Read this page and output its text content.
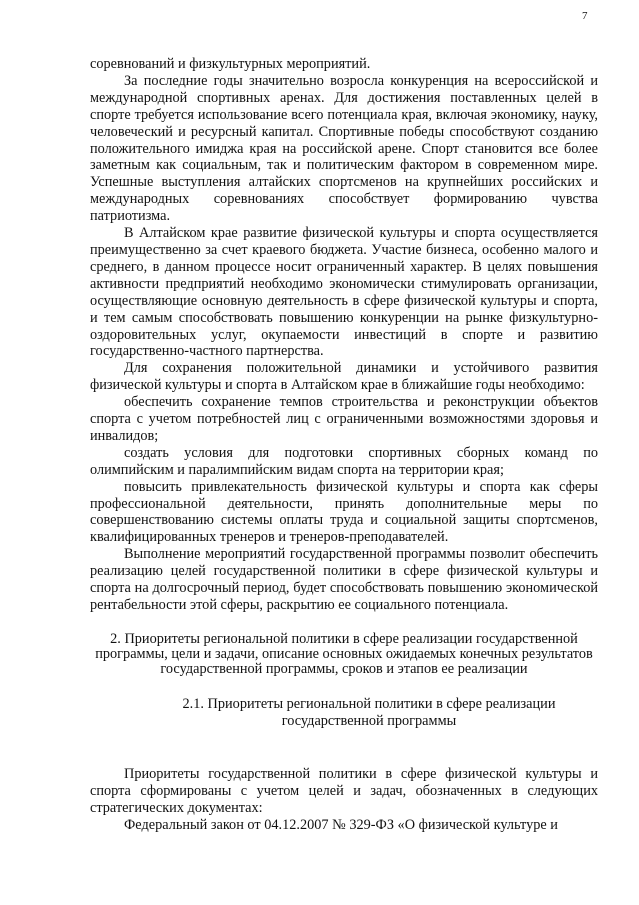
7

соревнований и физкультурных мероприятий.

За последние годы значительно возросла конкуренция на всероссийской и международной спортивных аренах. Для достижения поставленных целей в спорте требуется использование всего потенциала края, включая экономику, науку, человеческий и ресурсный капитал. Спортивные победы способствуют созданию положительного имиджа края на российской арене. Спорт становится все более заметным как социальным, так и политическим фактором в современном мире. Успешные выступления алтайских спортсменов на крупнейших российских и международных соревнованиях способствует формированию чувства патриотизма.

В Алтайском крае развитие физической культуры и спорта осуществляется преимущественно за счет краевого бюджета. Участие бизнеса, особенно малого и среднего, в данном процессе носит ограниченный характер. В целях повышения активности предприятий необходимо экономически стимулировать организации, осуществляющие основную деятельность в сфере физической культуры и спорта, и тем самым способствовать повышению конкуренции на рынке физкультурно-оздоровительных услуг, окупаемости инвестиций в спорте и развитию государственно-частного партнерства.

Для сохранения положительной динамики и устойчивого развития физической культуры и спорта в Алтайском крае в ближайшие годы необходимо:

обеспечить сохранение темпов строительства и реконструкции объектов спорта с учетом потребностей лиц с ограниченными возможностями здоровья и инвалидов;

создать условия для подготовки спортивных сборных команд по олимпийским и паралимпийским видам спорта на территории края;

повысить привлекательность физической культуры и спорта как сферы профессиональной деятельности, принять дополнительные меры по совершенствованию системы оплаты труда и социальной защиты спортсменов, квалифицированных тренеров и тренеров-преподавателей.

Выполнение мероприятий государственной программы позволит обеспечить реализацию целей государственной политики в сфере физической культуры и спорта на долгосрочный период, будет способствовать повышению экономической рентабельности этой сферы, раскрытию ее социального потенциала.

2. Приоритеты региональной политики в сфере реализации государственной программы, цели и задачи, описание основных ожидаемых конечных результатов государственной программы, сроков и этапов ее реализации

2.1. Приоритеты региональной политики в сфере реализации государственной программы

Приоритеты государственной политики в сфере физической культуры и спорта сформированы с учетом целей и задач, обозначенных в следующих стратегических документах:

Федеральный закон от 04.12.2007 № 329-ФЗ «О физической культуре и
